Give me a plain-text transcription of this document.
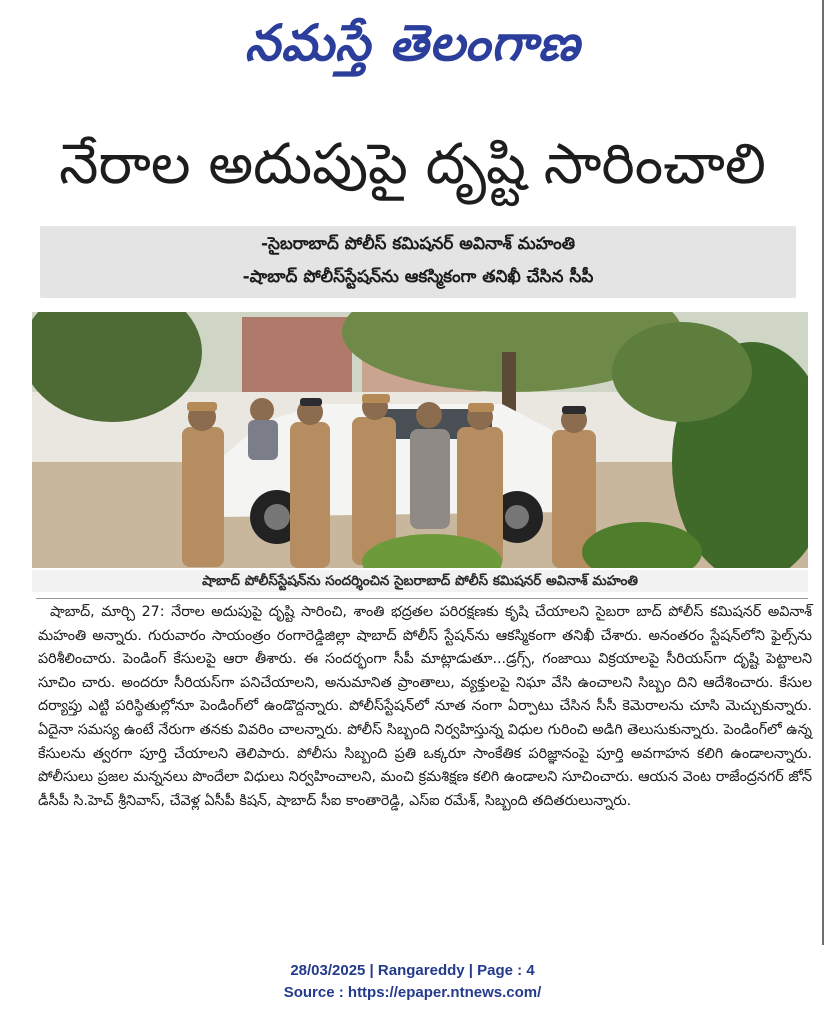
నమస్తే తెలంగాణ
నేరాల అదుపుపై దృష్టి సారించాలి
-సైబరాబాద్ పోలీస్ కమిషనర్ అవినాశ్ మహంతి
-షాబాద్ పోలీస్‌స్టేషన్‌ను ఆకస్మికంగా తనిఖీ చేసిన సీపీ
షాబాద్ పోలీస్‌స్టేషన్‌ను సందర్శించిన సైబరాబాద్ పోలీస్ కమిషనర్ అవినాశ్ మహంతి

షాబాద్, మార్చి 27: నేరాల అదుపుపై దృష్టి సారించి, శాంతి భద్రతల పరిరక్షణకు కృషి చేయాలని సైబరా బాద్ పోలీస్ కమిషనర్ అవినాశ్ మహంతి అన్నారు. గురువారం సాయంత్రం రంగారెడ్డిజిల్లా షాబాద్ పోలీస్ స్టేషన్‌ను ఆకస్మికంగా తనిఖీ చేశారు. అనంతరం స్టేషన్‌లోని ఫైల్స్‌ను పరిశీలించారు. పెండింగ్ కేసులపై ఆరా తీశారు. ఈ సందర్భంగా సీపీ మాట్లాడుతూ...డ్రగ్స్, గంజాయి విక్రయాలపై సీరియస్‌గా దృష్టి పెట్టాలని సూచిం చారు. అందరూ సీరియస్‌గా పనిచేయాలని, అనుమానిత ప్రాంతాలు, వ్యక్తులపై నిఘా వేసి ఉంచాలని సిబ్బం దిని ఆదేశించారు. కేసుల దర్యాప్తు ఎట్టి పరిస్థితుల్లోనూ పెండింగ్‌లో ఉండొద్దన్నారు. పోలీస్‌స్టేషన్‌లో నూత నంగా ఏర్పాటు చేసిన సీసీ కెమెరాలను చూసి మెచ్చుకున్నారు. ఏదైనా సమస్య ఉంటే నేరుగా తనకు వివరిం చాలన్నారు. పోలీస్ సిబ్బంది నిర్వహిస్తున్న విధుల గురించి అడిగి తెలుసుకున్నారు. పెండింగ్‌లో ఉన్న కేసులను త్వరగా పూర్తి చేయాలని తెలిపారు. పోలీసు సిబ్బంది ప్రతి ఒక్కరూ సాంకేతిక పరిజ్ఞానంపై పూర్తి అవగాహన కలిగి ఉండాలన్నారు. పోలీసులు ప్రజల మన్ననలు పొందేలా విధులు నిర్వహించాలని, మంచి క్రమశిక్షణ కలిగి ఉండాలని సూచించారు. ఆయన వెంట రాజేంద్రనగర్ జోన్ డీసీపీ సి.హెచ్ శ్రీనివాస్, చేవెళ్ల ఏసీపీ కిషన్, షాబాద్ సీఐ కాంతారెడ్డి, ఎస్ఐ రమేశ్, సిబ్బంది తదితరులున్నారు.

28/03/2025 | Rangareddy | Page : 4
Source : https://epaper.ntnews.com/
